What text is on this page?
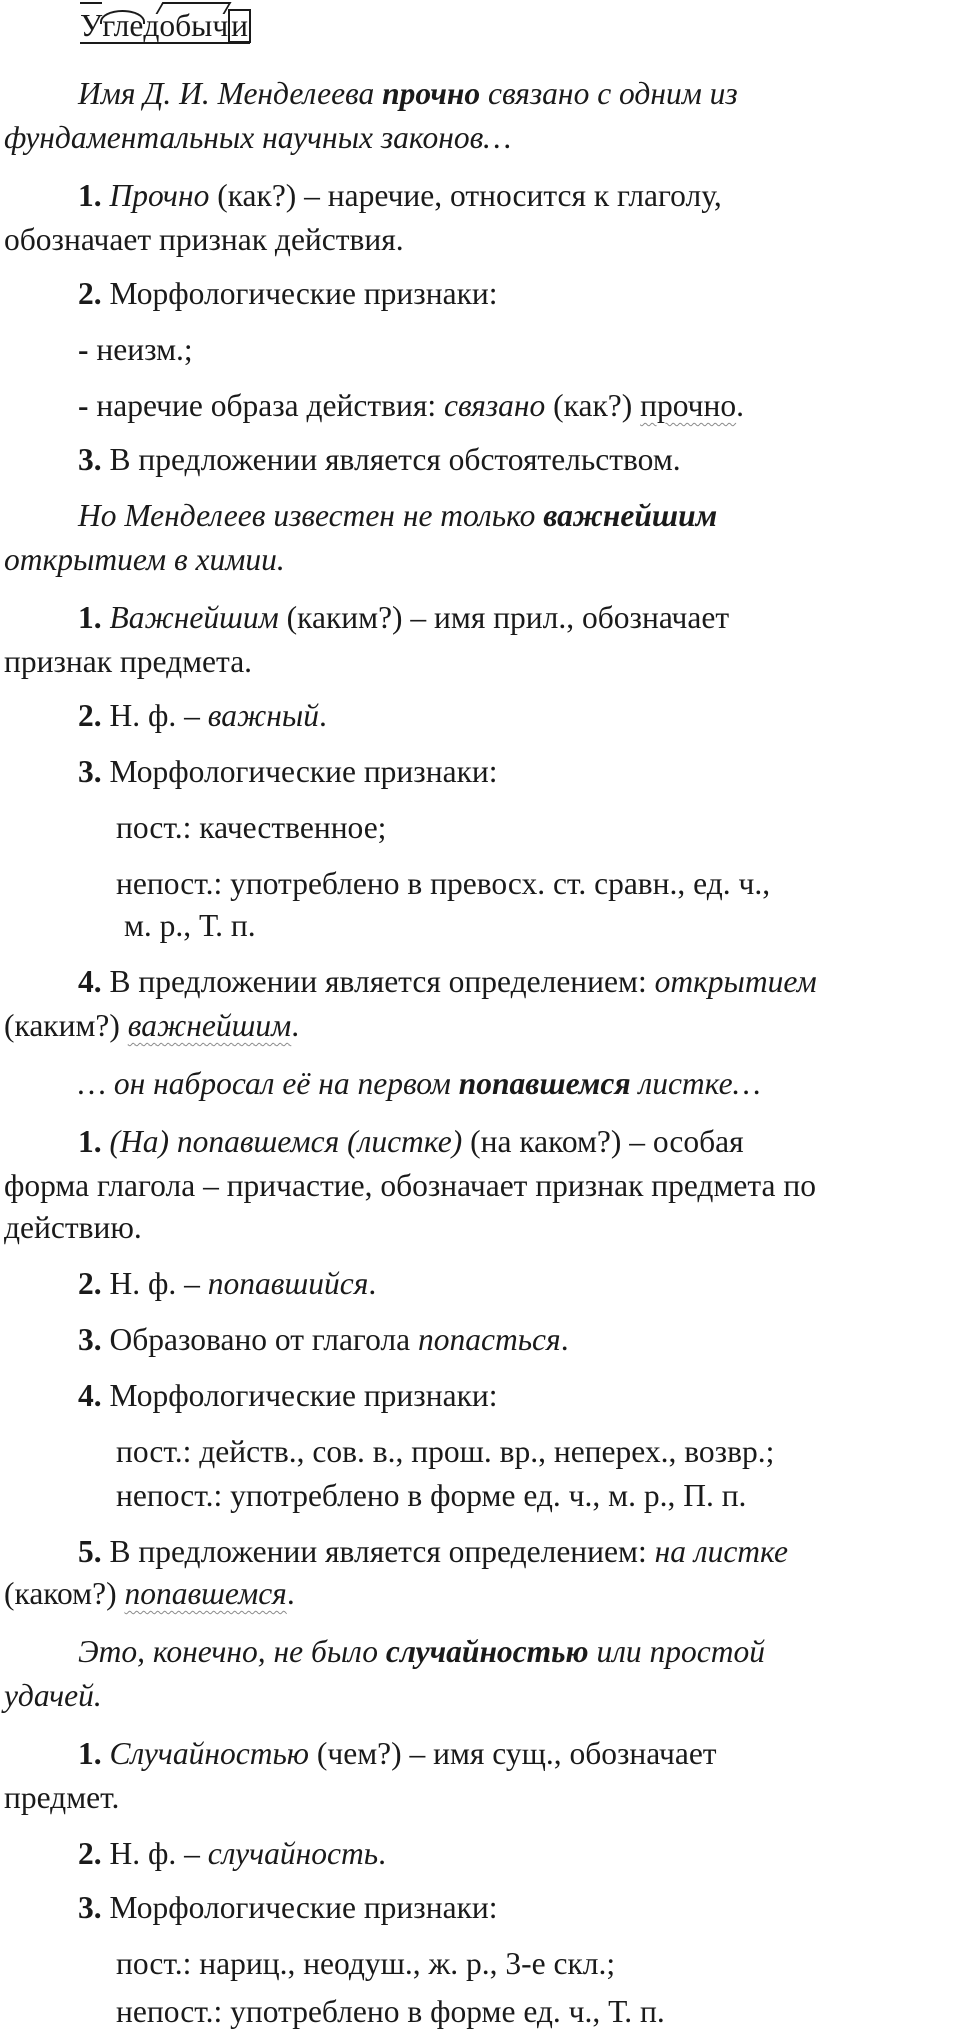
Угледобычи
Имя Д. И. Менделеева прочно связано с одним из
фундаментальных научных законов…
1. Прочно (как?) – наречие, относится к глаголу,
обозначает признак действия.
2. Морфологические признаки:
- неизм.;
- наречие образа действия: связано (как?) прочно.
3. В предложении является обстоятельством.
Но Менделеев известен не только важнейшим
открытием в химии.
1. Важнейшим (каким?) – имя прил., обозначает
признак предмета.
2. Н. ф. – важный.
3. Морфологические признаки:
пост.: качественное;
непост.: употреблено в превосх. ст. сравн., ед. ч.,
м. р., Т. п.
4. В предложении является определением: открытием
(каким?) важнейшим.
… он набросал её на первом попавшемся листке…
1. (На) попавшемся (листке) (на каком?) – особая
форма глагола – причастие, обозначает признак предмета по
действию.
2. Н. ф. – попавшийся.
3. Образовано от глагола попасться.
4. Морфологические признаки:
пост.: действ., сов. в., прош. вр., неперех., возвр.;
непост.: употреблено в форме ед. ч., м. р., П. п.
5. В предложении является определением: на листке
(каком?) попавшемся.
Это, конечно, не было случайностью или простой
удачей.
1. Случайностью (чем?) – имя сущ., обозначает
предмет.
2. Н. ф. – случайность.
3. Морфологические признаки:
пост.: нариц., неодуш., ж. р., 3-е скл.;
непост.: употреблено в форме ед. ч., Т. п.
